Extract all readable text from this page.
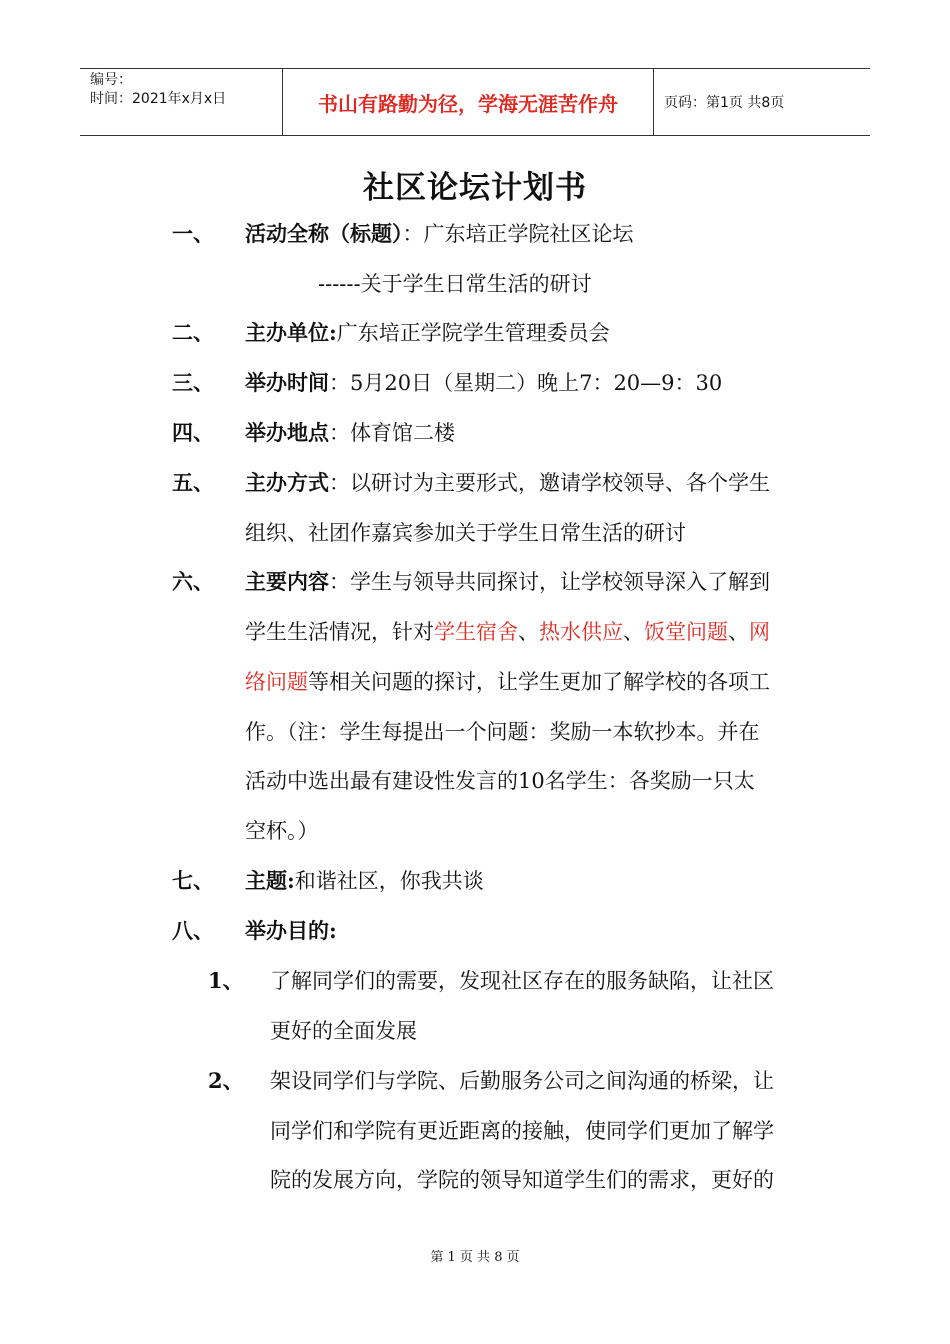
编号：
时间：2021年x月x日	书山有路勤为径，学海无涯苦作舟	页码：第1页 共8页
社区论坛计划书
一、 活动全称（标题）：广东培正学院社区论坛
------关于学生日常生活的研讨
二、 主办单位:广东培正学院学生管理委员会
三、 举办时间：5月20日（星期二）晚上7：20—9：30
四、 举办地点：体育馆二楼
五、 主办方式：以研讨为主要形式，邀请学校领导、各个学生
组织、社团作嘉宾参加关于学生日常生活的研讨
六、 主要内容：学生与领导共同探讨，让学校领导深入了解到
学生生活情况，针对学生宿舍、热水供应、饭堂问题、网
络问题等相关问题的探讨，让学生更加了解学校的各项工
作。（注：学生每提出一个问题：奖励一本软抄本。并在
活动中选出最有建设性发言的10名学生：各奖励一只太
空杯。）
七、 主题:和谐社区，你我共谈
八、 举办目的:
1、 了解同学们的需要，发现社区存在的服务缺陷，让社区
更好的全面发展
2、 架设同学们与学院、后勤服务公司之间沟通的桥梁，让
同学们和学院有更近距离的接触，使同学们更加了解学
院的发展方向，学院的领导知道学生们的需求，更好的
第 1 页 共 8 页
